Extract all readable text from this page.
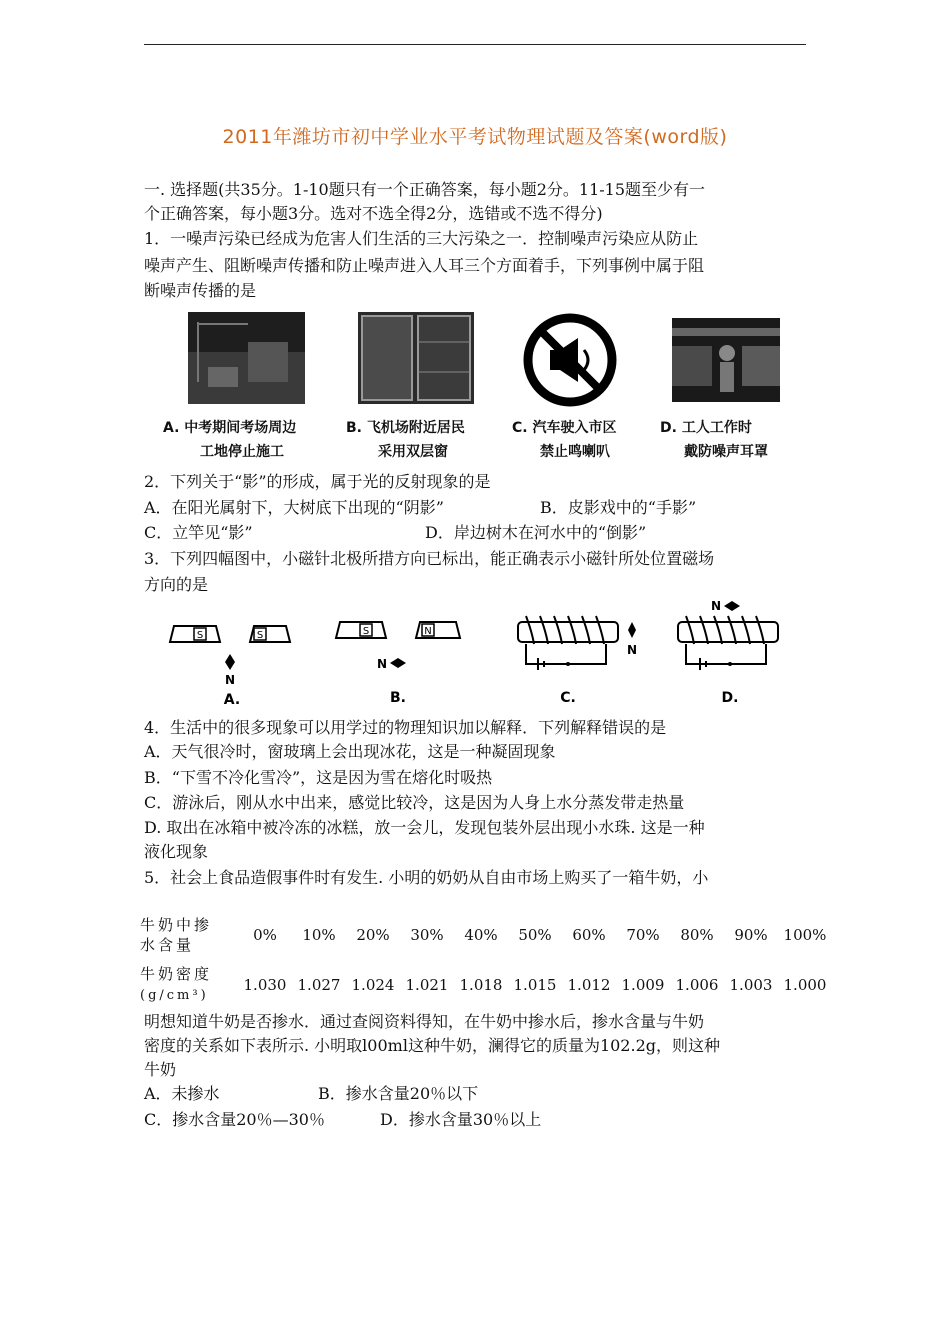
2011年潍坊市初中学业水平考试物理试题及答案(word版)
一. 选择题(共35分。1-10题只有一个正确答案，每小题2分。11-15题至少有一
个正确答案，每小题3分。选对不选全得2分，选错或不选不得分)
1．一噪声污染已经成为危害人们生活的三大污染之一．控制噪声污染应从防止
噪声产生、阻断噪声传播和防止噪声进入人耳三个方面着手，下列事例中属于阻
断噪声传播的是
A. 中考期间考场周边
工地停止施工
B. 飞机场附近居民
采用双层窗
C. 汽车驶入市区
禁止鸣喇叭
D. 工人工作时
戴防噪声耳罩
2．下列关于“影”的形成，属于光的反射现象的是
A．在阳光属射下，大树底下出现的“阴影”	B．皮影戏中的“手影”
C．立竿见“影”	D．岸边树木在河水中的“倒影”
3．下列四幅图中，小磁针北极所措方向已标出，能正确表示小磁针所处位置磁场
方向的是
S	S
N
A.
S	N
N
B.
N
C.
N
D.
4．生活中的很多现象可以用学过的物理知识加以解释．下列解释错误的是
A．天气很冷时，窗玻璃上会出现冰花，这是一种凝固现象
B．“下雪不冷化雪冷”，这是因为雪在熔化时吸热
C．游泳后，刚从水中出来，感觉比较冷，这是因为人身上水分蒸发带走热量
D. 取出在冰箱中被冷冻的冰糕，放一会儿，发现包装外层出现小水珠. 这是一种
液化现象
5．社会上食品造假事件时有发生. 小明的奶奶从自由市场上购买了一箱牛奶，小
牛奶中掺
水含量	0%	10%	20%	30%	40%	50%	60%	70%	80%	90%	100%
牛奶密度
(g/cm³)	1.030	1.027	1.024	1.021	1.018	1.015	1.012	1.009	1.006	1.003	1.000
明想知道牛奶是否掺水．通过查阅资料得知，在牛奶中掺水后，掺水含量与牛奶
密度的关系如下表所示. 小明取l00ml这种牛奶，澜得它的质量为102.2g，则这种
牛奶
A．未掺水	B．掺水含量20％以下
C．掺水含量20％—30％	D．掺水含量30％以上
